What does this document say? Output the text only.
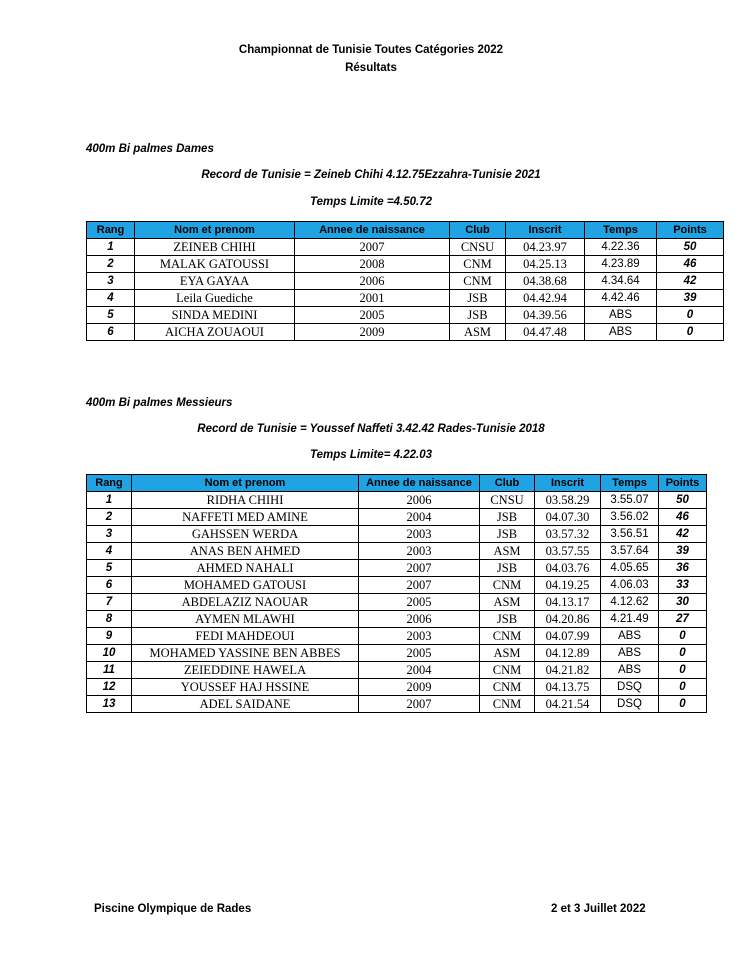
Championnat de Tunisie Toutes Catégories 2022
Résultats
400m Bi palmes Dames
Record de Tunisie = Zeineb Chihi 4.12.75Ezzahra-Tunisie 2021
Temps Limite =4.50.72
Rang	Nom et prenom	Annee de naissance	Club	Inscrit	Temps	Points
1	ZEINEB CHIHI	2007	CNSU	04.23.97	4.22.36	50
2	MALAK GATOUSSI	2008	CNM	04.25.13	4.23.89	46
3	EYA GAYAA	2006	CNM	04.38.68	4.34.64	42
4	Leila Guediche	2001	JSB	04.42.94	4.42.46	39
5	SINDA MEDINI	2005	JSB	04.39.56	ABS	0
6	AICHA ZOUAOUI	2009	ASM	04.47.48	ABS	0
400m Bi palmes Messieurs
Record de Tunisie = Youssef Naffeti 3.42.42 Rades-Tunisie 2018
Temps Limite= 4.22.03
Rang	Nom et prenom	Annee de naissance	Club	Inscrit	Temps	Points
1	RIDHA CHIHI	2006	CNSU	03.58.29	3.55.07	50
2	NAFFETI MED AMINE	2004	JSB	04.07.30	3.56.02	46
3	GAHSSEN WERDA	2003	JSB	03.57.32	3.56.51	42
4	ANAS BEN AHMED	2003	ASM	03.57.55	3.57.64	39
5	AHMED NAHALI	2007	JSB	04.03.76	4.05.65	36
6	MOHAMED GATOUSI	2007	CNM	04.19.25	4.06.03	33
7	ABDELAZIZ NAOUAR	2005	ASM	04.13.17	4.12.62	30
8	AYMEN MLAWHI	2006	JSB	04.20.86	4.21.49	27
9	FEDI MAHDEOUI	2003	CNM	04.07.99	ABS	0
10	MOHAMED YASSINE BEN ABBES	2005	ASM	04.12.89	ABS	0
11	ZEIEDDINE HAWELA	2004	CNM	04.21.82	ABS	0
12	YOUSSEF HAJ HSSINE	2009	CNM	04.13.75	DSQ	0
13	ADEL SAIDANE	2007	CNM	04.21.54	DSQ	0
Piscine Olympique de Rades	2 et 3 Juillet 2022
